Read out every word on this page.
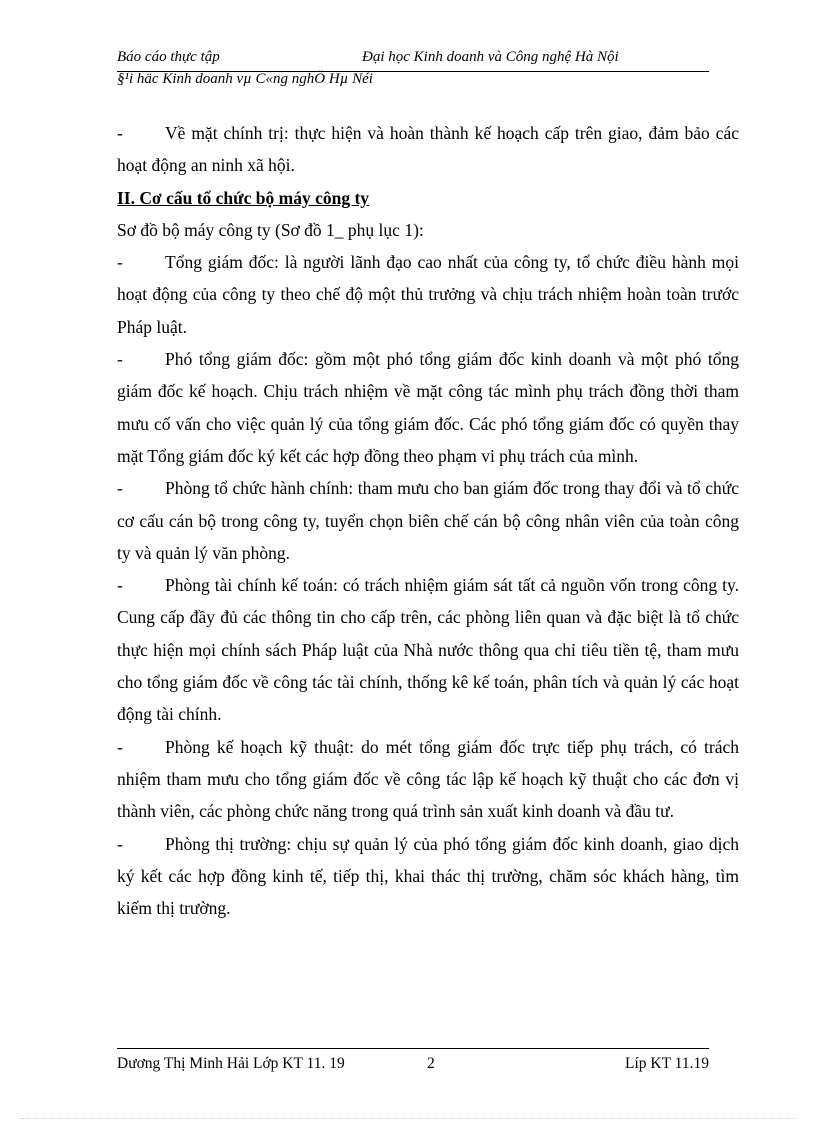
Báo cáo thực tập	Đại học Kinh doanh và Công nghệ Hà Nội
§¹i häc Kinh doanh vµ C«ng nghÖ Hµ Néi

- Về mặt chính trị: thực hiện và hoàn thành kế hoạch cấp trên giao, đảm bảo các hoạt động an ninh xã hội.

II. Cơ cấu tổ chức bộ máy công ty

Sơ đồ bộ máy công ty (Sơ đồ 1_ phụ lục 1):

- Tổng giám đốc: là người lãnh đạo cao nhất của công ty, tổ chức điều hành mọi hoạt động của công ty theo chế độ một thủ trưởng và chịu trách nhiệm hoàn toàn trước Pháp luật.

- Phó tổng giám đốc: gồm một phó tổng giám đốc kinh doanh và một phó tổng giám đốc kế hoạch. Chịu trách nhiệm về mặt công tác mình phụ trách đồng thời tham mưu cố vấn cho việc quản lý của tổng giám đốc. Các phó tổng giám đốc có quyền thay mặt Tổng giám đốc ký kết các hợp đồng theo phạm vi phụ trách của mình.

- Phòng tổ chức hành chính: tham mưu cho ban giám đốc trong thay đổi và tổ chức cơ cấu cán bộ trong công ty, tuyển chọn biên chế cán bộ công nhân viên của toàn công ty và quản lý văn phòng.

- Phòng tài chính kế toán: có trách nhiệm giám sát tất cả nguồn vốn trong công ty. Cung cấp đầy đủ các thông tin cho cấp trên, các phòng liên quan và đặc biệt là tổ chức thực hiện mọi chính sách Pháp luật của Nhà nước thông qua chỉ tiêu tiền tệ, tham mưu cho tổng giám đốc về công tác tài chính, thống kê kế toán, phân tích và quản lý các hoạt động tài chính.

- Phòng kế hoạch kỹ thuật: do mét tổng giám đốc trực tiếp phụ trách, có trách nhiệm tham mưu cho tổng giám đốc về công tác lập kế hoạch kỹ thuật cho các đơn vị thành viên, các phòng chức năng trong quá trình sản xuất kinh doanh và đầu tư.

- Phòng thị trường: chịu sự quản lý của phó tổng giám đốc kinh doanh, giao dịch ký kết các hợp đồng kinh tế, tiếp thị, khai thác thị trường, chăm sóc khách hàng, tìm kiếm thị trường.

Dương Thị Minh Hải Lớp KT 11. 19	2	Líp KT 11.19
